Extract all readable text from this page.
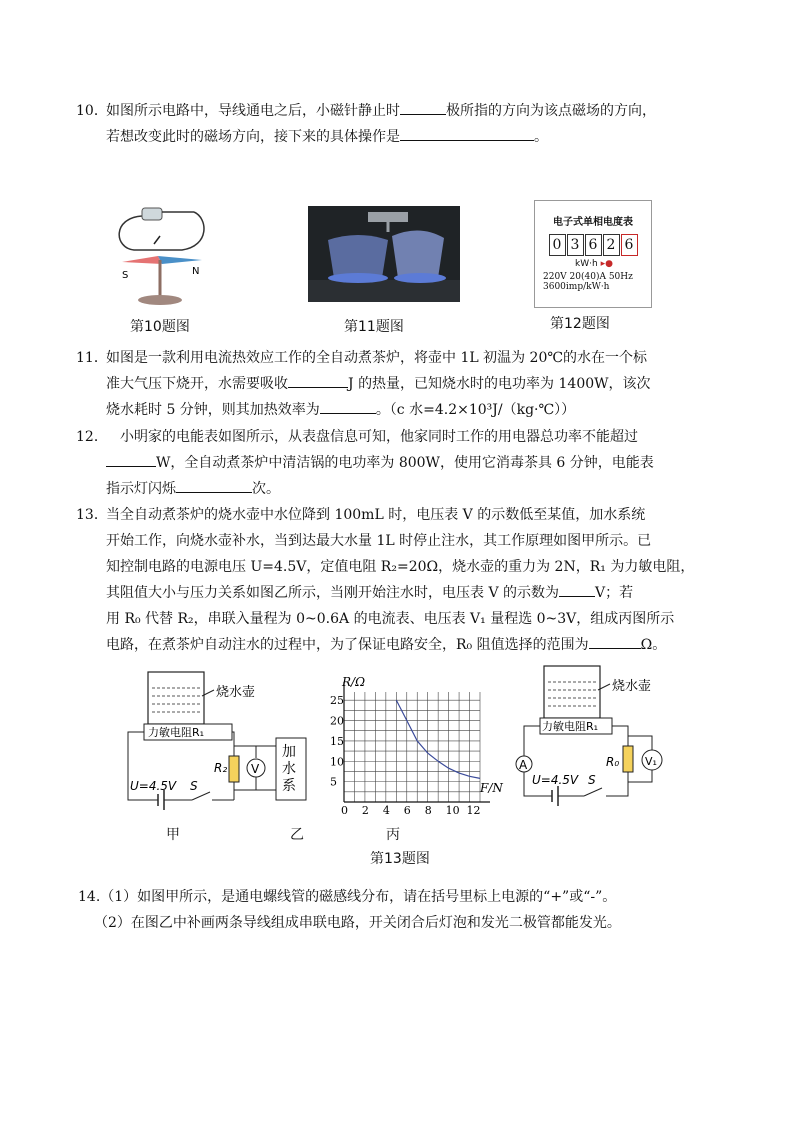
10．如图所示电路中，导线通电之后，小磁针静止时	极所指的方向为该点磁场的方向，
若想改变此时的磁场方向，接下来的具体操作是	。
S	N
第10题图	第11题图
电子式单相电度表
0 3 6 2 6
kW·h ▸●
220V 20(40)A 50Hz
3600imp/kW·h
第12题图
11．如图是一款利用电流热效应工作的全自动煮茶炉，将壶中 1L 初温为 20℃的水在一个标
准大气压下烧开，水需要吸收	J 的热量，已知烧水时的电功率为 1400W，该次
烧水耗时 5 分钟，则其加热效率为	。（c 水=4.2×10³J/（kg·℃））
12． 小明家的电能表如图所示，从表盘信息可知，他家同时工作的用电器总功率不能超过
W，全自动煮茶炉中清洁锅的电功率为 800W，使用它消毒茶具 6 分钟，电能表
指示灯闪烁	次。
13．当全自动煮茶炉的烧水壶中水位降到 100mL 时，电压表 V 的示数低至某值，加水系统
开始工作，向烧水壶补水，当到达最大水量 1L 时停止注水，其工作原理如图甲所示。已
知控制电路的电源电压 U=4.5V，定值电阻 R₂=20Ω，烧水壶的重力为 2N，R₁ 为力敏电阻，
其阻值大小与压力关系如图乙所示，当刚开始注水时，电压表 V 的示数为	V；若
用 R₀ 代替 R₂，串联入量程为 0~0.6A 的电流表、电压表 V₁ 量程选 0~3V，组成丙图所示
电路，在煮茶炉自动注水的过程中，为了保证电路安全，R₀ 阻值选择的范围为	Ω。
烧水壶
力敏电阻R₁
R₂ V
U=4.5V S
加 水 系
甲	乙
0 2 4 6 8 10 12
5
10
15
20
25
R/Ω
F/N
丙
烧水壶
力敏电阻R₁
A	R₀ V₁
U=4.5V S
第13题图
14.（1）如图甲所示，是通电螺线管的磁感线分布，请在括号里标上电源的“+”或“-”。
（2）在图乙中补画两条导线组成串联电路，开关闭合后灯泡和发光二极管都能发光。
